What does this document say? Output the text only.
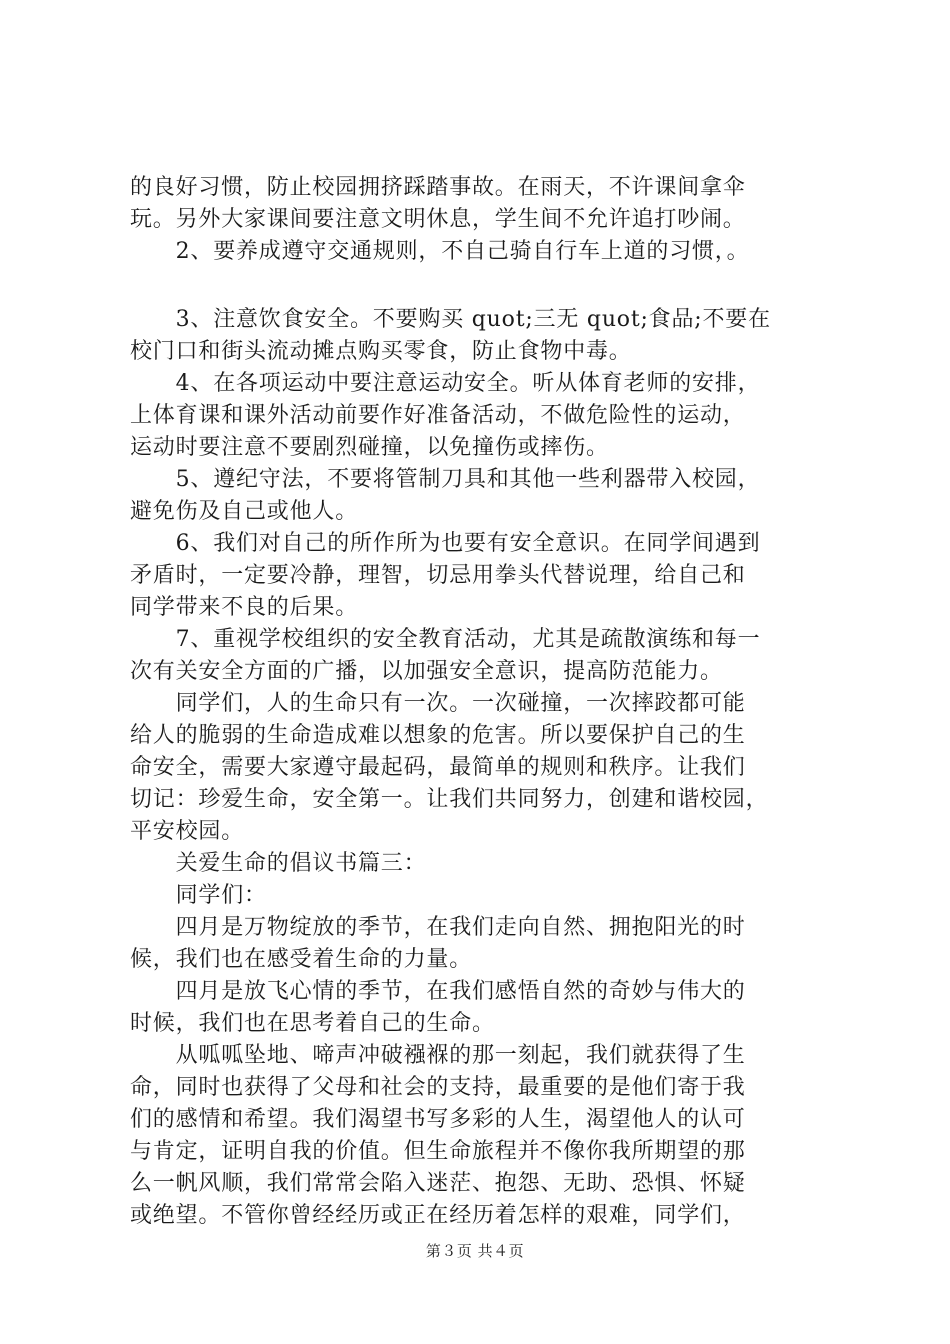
的良好习惯，防止校园拥挤踩踏事故。在雨天，不许课间拿伞
玩。另外大家课间要注意文明休息，学生间不允许追打吵闹。
　　2、要养成遵守交通规则，不自己骑自行车上道的习惯，。
　　3、注意饮食安全。不要购买 quot;三无 quot;食品;不要在
校门口和街头流动摊点购买零食，防止食物中毒。
　　4、在各项运动中要注意运动安全。听从体育老师的安排，
上体育课和课外活动前要作好准备活动，不做危险性的运动，
运动时要注意不要剧烈碰撞，以免撞伤或摔伤。
　　5、遵纪守法，不要将管制刀具和其他一些利器带入校园，
避免伤及自己或他人。
　　6、我们对自己的所作所为也要有安全意识。在同学间遇到
矛盾时，一定要冷静，理智，切忌用拳头代替说理，给自己和
同学带来不良的后果。
　　7、重视学校组织的安全教育活动，尤其是疏散演练和每一
次有关安全方面的广播，以加强安全意识，提高防范能力。
　　同学们，人的生命只有一次。一次碰撞，一次摔跤都可能
给人的脆弱的生命造成难以想象的危害。所以要保护自己的生
命安全，需要大家遵守最起码，最简单的规则和秩序。让我们
切记：珍爱生命，安全第一。让我们共同努力，创建和谐校园，
平安校园。
　　关爱生命的倡议书篇三：
　　同学们：
　　四月是万物绽放的季节，在我们走向自然、拥抱阳光的时
候，我们也在感受着生命的力量。
　　四月是放飞心情的季节，在我们感悟自然的奇妙与伟大的
时候，我们也在思考着自己的生命。
　　从呱呱坠地、啼声冲破襁褓的那一刻起，我们就获得了生
命，同时也获得了父母和社会的支持，最重要的是他们寄于我
们的感情和希望。我们渴望书写多彩的人生，渴望他人的认可
与肯定，证明自我的价值。但生命旅程并不像你我所期望的那
么一帆风顺，我们常常会陷入迷茫、抱怨、无助、恐惧、怀疑
或绝望。不管你曾经经历或正在经历着怎样的艰难，同学们，
第３页 共４页
